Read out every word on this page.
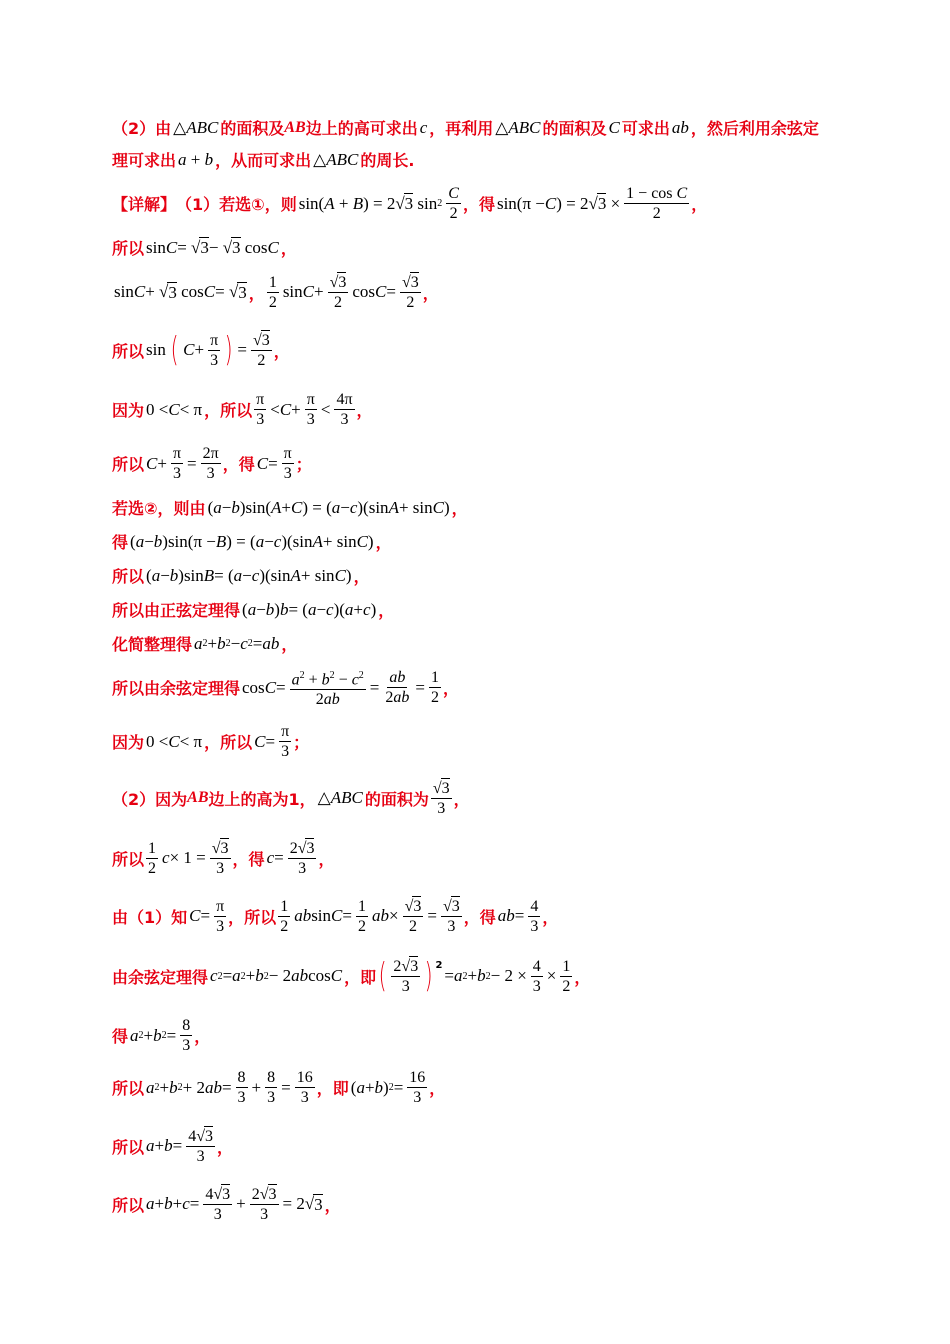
（2）由 △ ABC 的面积及 AB 边上的高可求出 c ，再利用 △ ABC 的面积及 C 可求出 ab ，然后利用余弦定
理可求出 a + b ，从而可求出 △ ABC 的周长.
【详解】 （1）若选①，则 sin( A + B ) = 2√ 3 $\sin 2 \frac{C}{2}$ ， 得 sin(π − C ) = 2√ $3 \times \frac{\text{1 − cos C}}{2}$ ，
所以 sin C = √ 3 − √ 3 cos C ，
sin C + √ 3 cos C = √ 3 ， $\frac{1}{2}$ $\sin C + \frac{√3}{2}$ $\cos C = \frac{√3}{2}$ ，
所以 sin ( $C + \frac{\pi}{3}$ ) = $\frac{√3}{2}$ ，
因为 0 < C < π ， 所以 $\frac{\pi}{3} < C + \frac{\pi}{3} < \frac{4\pi}{3}$ ，
所以 $C + \frac{\pi}{3} = \frac{2\pi}{3}$ ， 得 $C = \frac{\pi}{3}$ ；
若选②，则由 ( a − b )sin( A + C ) = ( a − c )(sin A + sin C ) ，
得 ( a − b )sin(π − B ) = ( a − c )(sin A + sin C ) ，
所以 ( a − b )sin B = ( a − c )(sin A + sin C ) ，
所以由正弦定理得 ( a − b ) b = ( a − c )( a + c ) ，
化简整理得 a 2 + b 2 − c 2 = ab ，
所以由余弦定理得 $\cos C = \frac{a^2 + b^2 - c^2}{2ab} = \frac{ab}{2ab} = \frac{1}{2}$ ，
因为 0 < C < π ， 所以 $C = \frac{\pi}{3}$ ；
（2）因为 AB 边上的高为1， △ ABC 的面积为 $\frac{√3}{3}$ ，
所以 $\frac{1}{2}$ $c \times 1 = \frac{√3}{3}$ ， 得 $c = \frac{2√3}{3}$ ，
由（1）知 $C = \frac{\pi}{3}$ ， 所以 $\frac{1}{2}$ ab $\sin C = \frac{1}{2}$ ab × $\frac{√3}{2} = \frac{√3}{3}$ ， 得 ab = $\frac{4}{3}$ ，
由余弦定理得 c 2 = a 2 + b 2 − 2 ab cos C ， 即 ( $\frac{2√3}{3}$ ) $^2$
= a 2 + b $2 - 2 \times \frac{4}{3} \times \frac{1}{2}$ ，
得 a 2 + b $2 = \frac{8}{3}$ ，
所以 a 2 + b 2 + 2 ab = $\frac{8}{3} + \frac{8}{3} = \frac{16}{3}$ ， 即 ( a + b ) $2 = \frac{16}{3}$ ，
所以 $a + b = \frac{4√3}{3}$ ，
所以 $a + b + c = \frac{4√3}{3} + \frac{2√3}{3} = 2√$ 3 ，
